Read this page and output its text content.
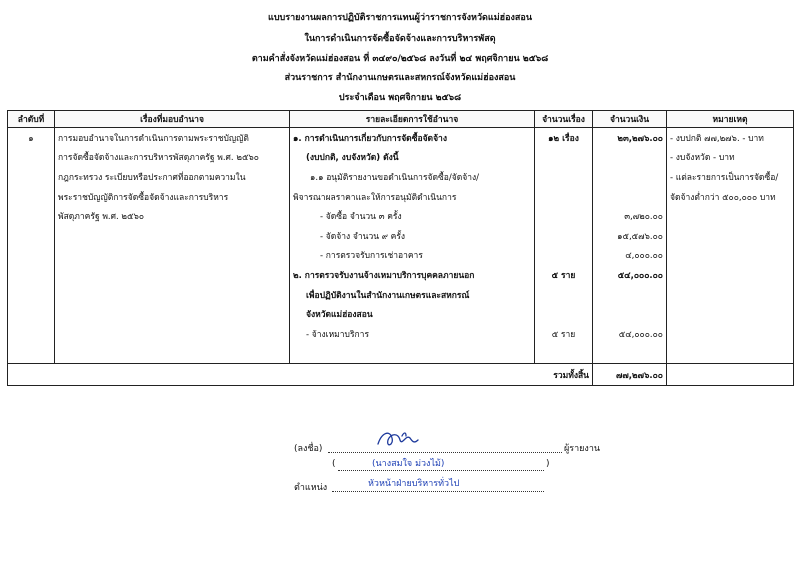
แบบรายงานผลการปฏิบัติราชการแทนผู้ว่าราชการจังหวัดแม่ฮ่องสอน
ในการดำเนินการจัดซื้อจัดจ้างและการบริหารพัสดุ
ตามคำสั่งจังหวัดแม่ฮ่องสอน ที่ ๓๔๙๐/๒๕๖๘ ลงวันที่ ๒๔ พฤศจิกายน ๒๕๖๘
ส่วนราชการ สำนักงานเกษตรและสหกรณ์จังหวัดแม่ฮ่องสอน
ประจำเดือน พฤศจิกายน ๒๕๖๘
ลำดับที่	เรื่องที่มอบอำนาจ	รายละเอียดการใช้อำนาจ	จำนวนเรื่อง	จำนวนเงิน	หมายเหตุ
๑	การมอบอำนาจในการดำเนินการตามพระราชบัญญัติ	๑. การดำเนินการเกี่ยวกับการจัดซื้อจัดจ้าง	๑๒ เรื่อง	๒๓,๒๗๖.๐๐	- งบปกติ ๗๗,๒๗๖. - บาท
	การจัดซื้อจัดจ้างและการบริหารพัสดุภาครัฐ พ.ศ. ๒๕๖๐	(งบปกติ, งบจังหวัด) ดังนี้			- งบจังหวัด - บาท
	กฎกระทรวง ระเบียบหรือประกาศที่ออกตามความใน	๑.๑ อนุมัติรายงานขอดำเนินการจัดซื้อ/จัดจ้าง/			- แต่ละรายการเป็นการจัดซื้อ/
	พระราชบัญญัติการจัดซื้อจัดจ้างและการบริหาร	พิจารณาผลราคาและให้การอนุมัติดำเนินการ			จัดจ้างต่ำกว่า ๕๐๐,๐๐๐ บาท
	พัสดุภาครัฐ พ.ศ. ๒๕๖๐	- จัดซื้อ จำนวน ๓ ครั้ง		๓,๗๒๐.๐๐	
		- จัดจ้าง จำนวน ๙ ครั้ง		๑๕,๕๗๖.๐๐	
		- การตรวจรับการเช่าอาคาร		๔,๐๐๐.๐๐	
		๒. การตรวจรับงานจ้างเหมาบริการบุคคลภายนอก	๕ ราย	๕๔,๐๐๐.๐๐	
		เพื่อปฏิบัติงานในสำนักงานเกษตรและสหกรณ์			
		จังหวัดแม่ฮ่องสอน			
		- จ้างเหมาบริการ	๕ ราย	๕๔,๐๐๐.๐๐	

รวมทั้งสิ้น				๗๗,๒๗๖.๐๐	
(ลงชื่อ)	ผู้รายงาน
(	)
(นางสมใจ ม่วงไม้)
ตำแหน่ง	หัวหน้าฝ่ายบริหารทั่วไป
